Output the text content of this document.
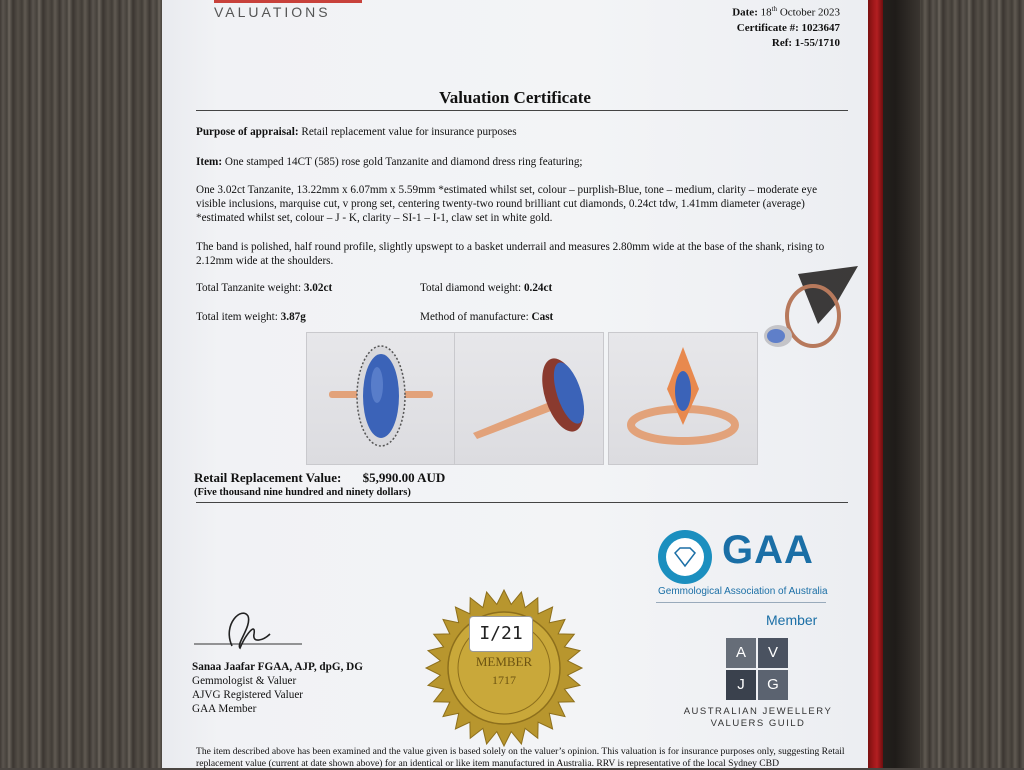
VALUATIONS	Date: 18th October 2023
Certificate #: 1023647
Ref: 1-55/1710
Valuation Certificate
Purpose of appraisal: Retail replacement value for insurance purposes
Item: One stamped 14CT (585) rose gold Tanzanite and diamond dress ring featuring;
One 3.02ct Tanzanite, 13.22mm x 6.07mm x 5.59mm *estimated whilst set, colour – purplish-Blue, tone – medium, clarity – moderate eye visible inclusions, marquise cut, v prong set, centering twenty-two round brilliant cut diamonds, 0.24ct tdw, 1.41mm diameter (average) *estimated whilst set, colour – J - K, clarity – SI-1 – I-1, claw set in white gold.
The band is polished, half round profile, slightly upswept to a basket underrail and measures 2.80mm wide at the base of the shank, rising to 2.12mm wide at the shoulders.
Total Tanzanite weight: 3.02ct	Total diamond weight: 0.24ct
Total item weight: 3.87g	Method of manufacture: Cast
Retail Replacement Value: $5,990.00 AUD
(Five thousand nine hundred and ninety dollars)
Sanaa Jaafar FGAA, AJP, dpG, DG
Gemmologist & Valuer
AJVG Registered Valuer
GAA Member
MEMBER
1717
I/21
GAA
Gemmological Association of Australia
Member
A	V
J	G
AUSTRALIAN JEWELLERY
VALUERS GUILD
The item described above has been examined and the value given is based solely on the valuer’s opinion. This valuation is for insurance purposes only, suggesting Retail replacement value (current at date shown above) for an identical or like item manufactured in Australia. RRV is representative of the local Sydney CBD
